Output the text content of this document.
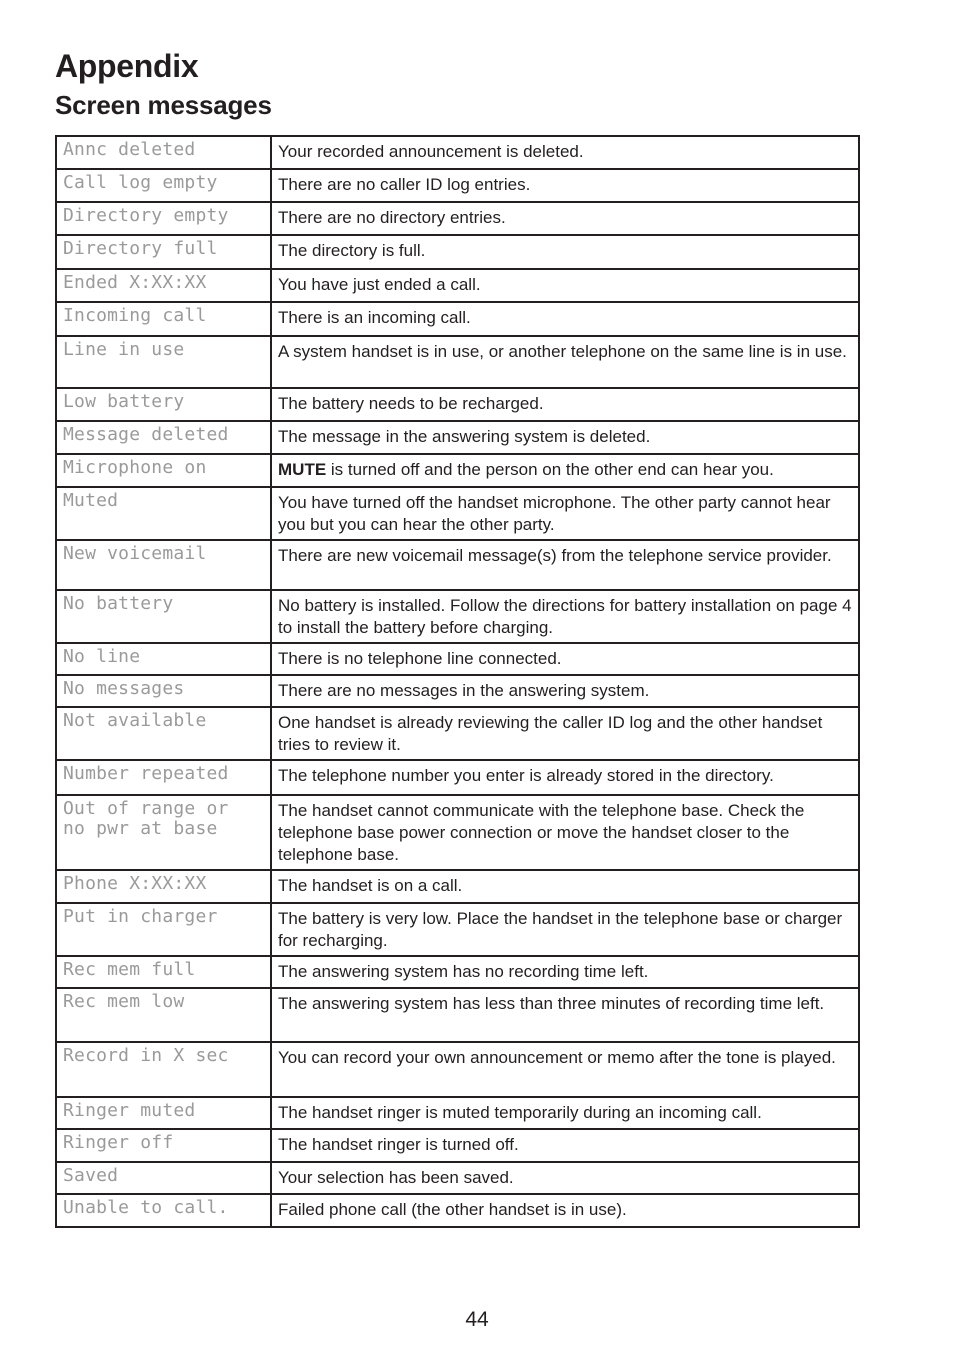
Appendix
Screen messages
Annc deleted	Your recorded announcement is deleted.
Call log empty	There are no caller ID log entries.
Directory empty	There are no directory entries.
Directory full	The directory is full.
Ended X:XX:XX	You have just ended a call.
Incoming call	There is an incoming call.
Line in use	A system handset is in use, or another telephone on the same line is in use.
Low battery	The battery needs to be recharged.
Message deleted	The message in the answering system is deleted.
Microphone on	MUTE is turned off and the person on the other end can hear you.
Muted	You have turned off the handset microphone. The other party cannot hear you but you can hear the other party.
New voicemail	There are new voicemail message(s) from the telephone service provider.
No battery	No battery is installed. Follow the directions for battery installation on page 4 to install the battery before charging.
No line	There is no telephone line connected.
No messages	There are no messages in the answering system.
Not available	One handset is already reviewing the caller ID log and the other handset tries to review it.
Number repeated	The telephone number you enter is already stored in the directory.
Out of range or
no pwr at base	The handset cannot communicate with the telephone base. Check the telephone base power connection or move the handset closer to the telephone base.
Phone X:XX:XX	The handset is on a call.
Put in charger	The battery is very low. Place the handset in the telephone base or charger for recharging.
Rec mem full	The answering system has no recording time left.
Rec mem low	The answering system has less than three minutes of recording time left.
Record in X sec	You can record your own announcement or memo after the tone is played.
Ringer muted	The handset ringer is muted temporarily during an incoming call.
Ringer off	The handset ringer is turned off.
Saved	Your selection has been saved.
Unable to call.	Failed phone call (the other handset is in use).
44
